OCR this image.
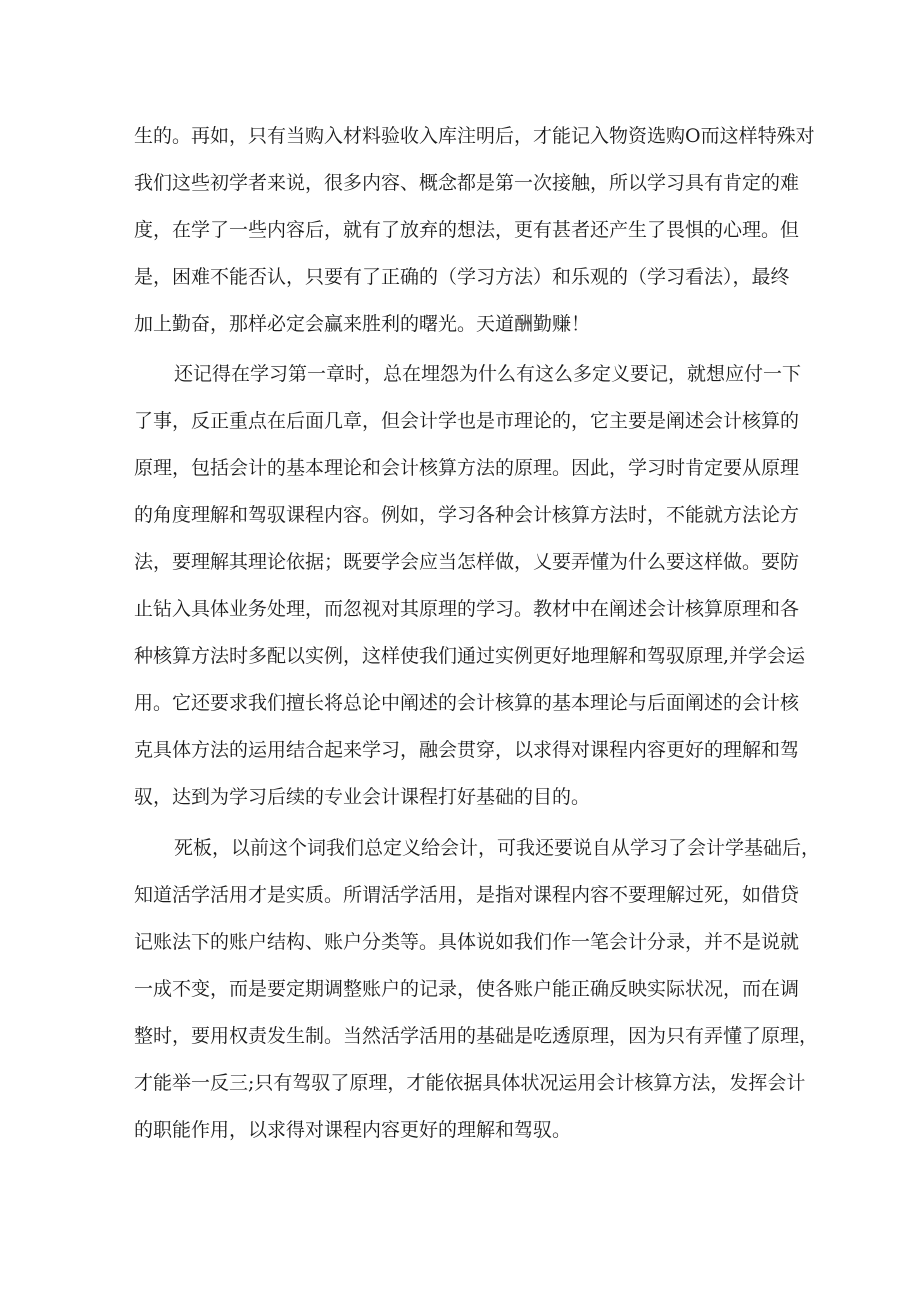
生的。再如，只有当购入材料验收入库注明后，才能记入物资选购O而这样特殊对
我们这些初学者来说，很多内容、概念都是第一次接触，所以学习具有肯定的难
度，在学了一些内容后，就有了放弃的想法，更有甚者还产生了畏惧的心理。但
是，困难不能否认，只要有了正确的（学习方法）和乐观的（学习看法），最终
加上勤奋，那样必定会赢来胜利的曙光。天道酬勤赚！
还记得在学习第一章时，总在埋怨为什么有这么多定义要记，就想应付一下
了事，反正重点在后面几章，但会计学也是市理论的，它主要是阐述会计核算的
原理，包括会计的基本理论和会计核算方法的原理。因此，学习时肯定要从原理
的角度理解和驾驭课程内容。例如，学习各种会计核算方法时，不能就方法论方
法，要理解其理论依据；既要学会应当怎样做，乂要弄懂为什么要这样做。要防
止钻入具体业务处理，而忽视对其原理的学习。教材中在阐述会计核算原理和各
种核算方法时多配以实例，这样使我们通过实例更好地理解和驾驭原理,并学会运
用。它还要求我们擅长将总论中阐述的会计核算的基本理论与后面阐述的会计核
克具体方法的运用结合起来学习，融会贯穿，以求得对课程内容更好的理解和驾
驭，达到为学习后续的专业会计课程打好基础的目的。
死板，以前这个词我们总定义给会计，可我还要说自从学习了会计学基础后，
知道活学活用才是实质。所谓活学活用，是指对课程内容不要理解过死，如借贷
记账法下的账户结构、账户分类等。具体说如我们作一笔会计分录，并不是说就
一成不变，而是要定期调整账户的记录，使各账户能正确反映实际状况，而在调
整时，要用权责发生制。当然活学活用的基础是吃透原理，因为只有弄懂了原理，
才能举一反三;只有驾驭了原理，才能依据具体状况运用会计核算方法，发挥会计
的职能作用，以求得对课程内容更好的理解和驾驭。
